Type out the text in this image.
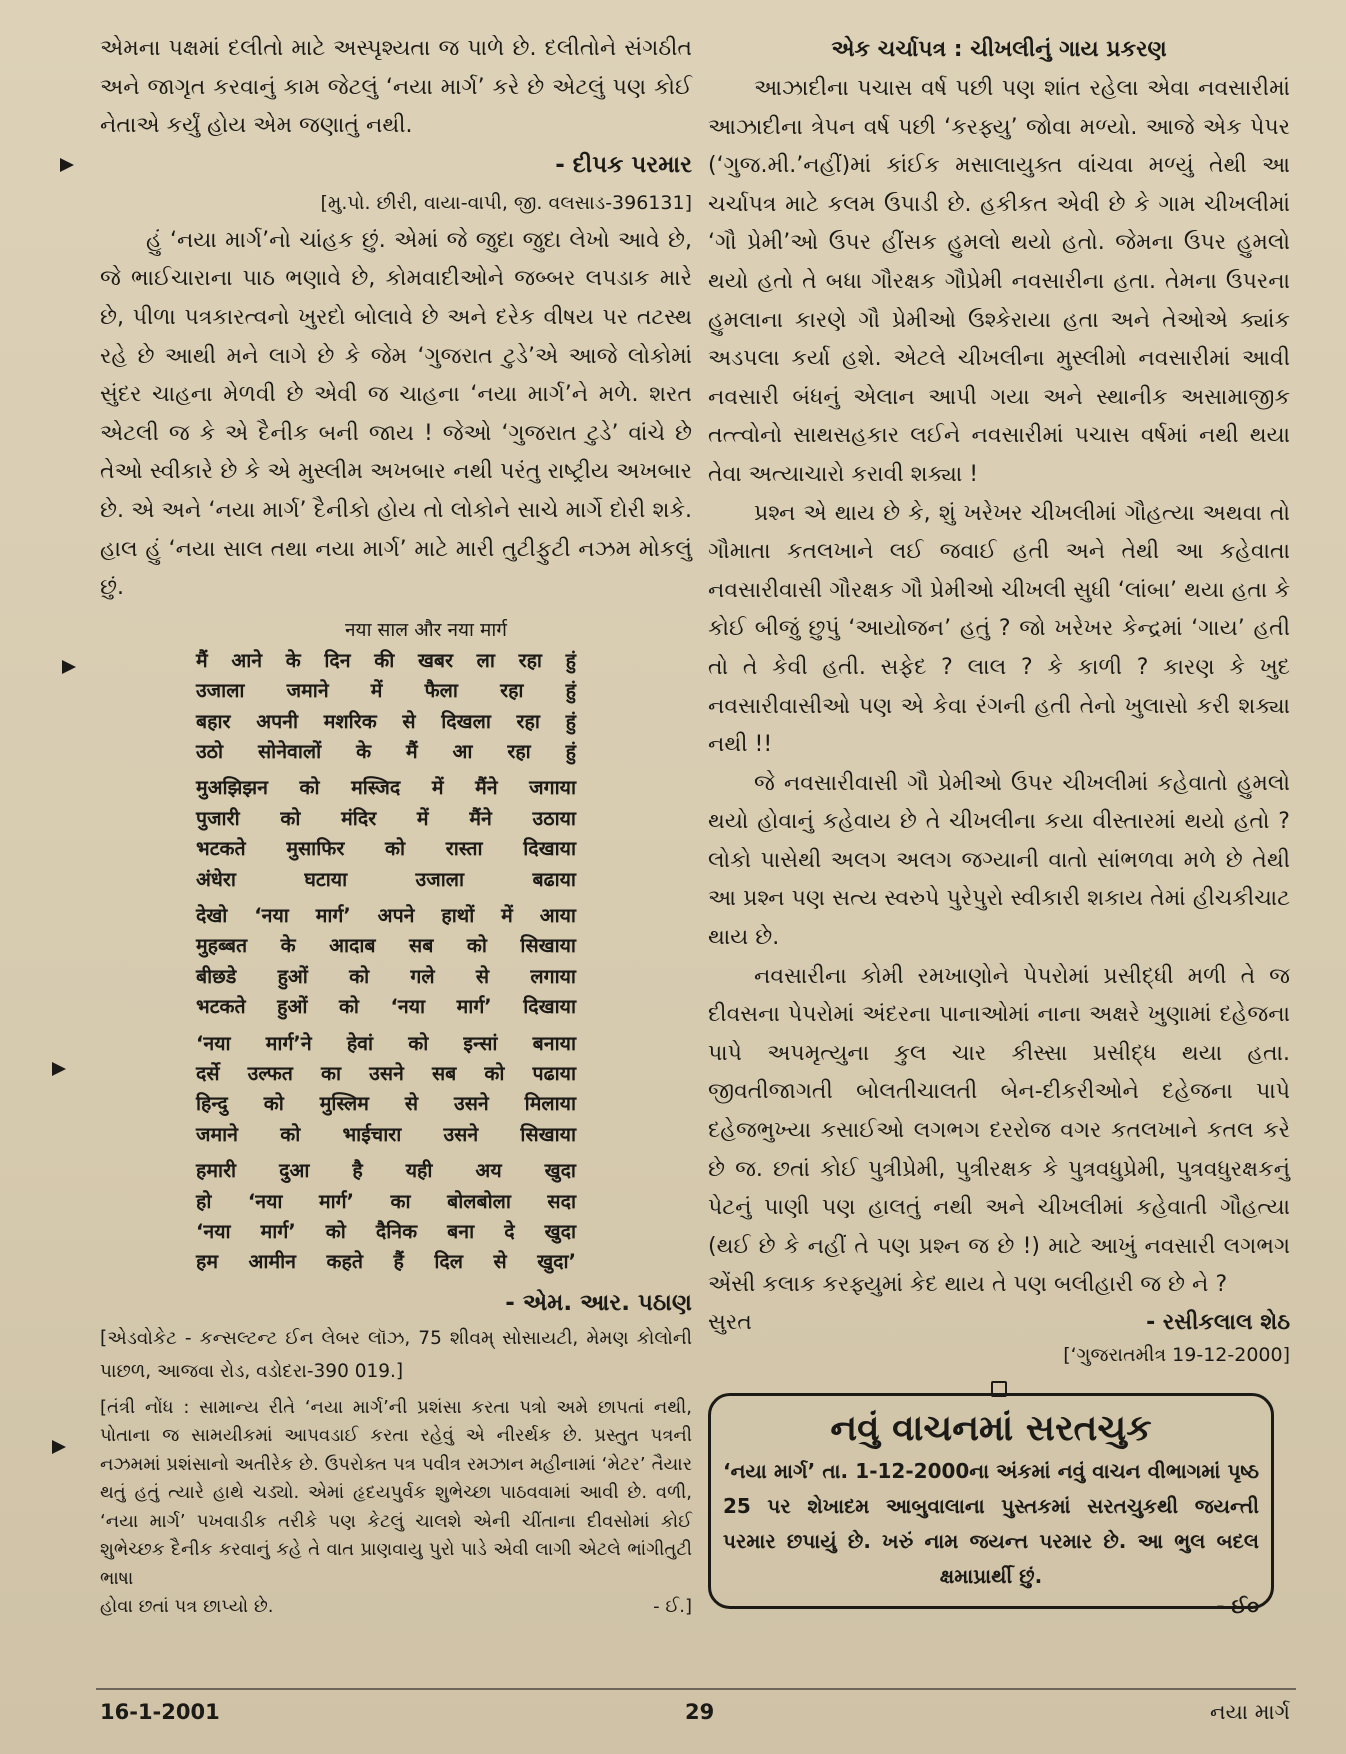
એમના પક્ષમાં દલીતો માટે અસ્પૃશ્યતા જ પાળે છે. દલીતોને સંગઠીત અને જાગૃત કરવાનું કામ જેટલું ‘નયા માર્ગ’ કરે છે એટલું પણ કોઈ નેતાએ કર્યું હોય એમ જણાતું નથી.

- દીપક પરમાર
[મુ.પો. છીરી, વાયા-વાપી, જી. વલસાડ-396131]

હું ‘નયા માર્ગ’નો ચાંહક છું. એમાં જે જુદા જુદા લેખો આવે છે, જે ભાઈચારાના પાઠ ભણાવે છે, કોમવાદીઓને જબ્બર લપડાક મારે છે, પીળા પત્રકારત્વનો ખુરદો બોલાવે છે અને દરેક વીષય પર તટસ્થ રહે છે આથી મને લાગે છે કે જેમ ‘ગુજરાત ટુડે’એ આજે લોકોમાં સુંદર ચાહના મેળવી છે એવી જ ચાહના ‘નયા માર્ગ’ને મળે. શરત એટલી જ કે એ દૈનીક બની જાય ! જેઓ ‘ગુજરાત ટુડે’ વાંચે છે તેઓ સ્વીકારે છે કે એ મુસ્લીમ અખબાર નથી પરંતુ રાષ્ટ્રીય અખબાર છે. એ અને ‘નયા માર્ગ’ દૈનીકો હોય તો લોકોને સાચે માર્ગે દોરી શકે. હાલ હું ‘નયા સાલ તથા નયા માર્ગ’ માટે મારી તુટીફુટી નઝમ મોકલું છું.

नया साल और नया मार्ग
मैं आने के दिन की खबर ला रहा हुं
उजाला जमाने में फैला रहा हुं
बहार अपनी मशरिक से दिखला रहा हुं
उठो सोनेवालों के मैं आ रहा हुं
मुअझिझन को मस्जिद में मैंने जगाया
पुजारी को मंदिर में मैंने उठाया
भटकते मुसाफिर को रास्ता दिखाया
अंधेरा घटाया उजाला बढाया
देखो ‘नया मार्ग’ अपने हाथों में आया
मुहब्बत के आदाब सब को सिखाया
बीछडे हुओं को गले से लगाया
भटकते हुओं को ‘नया मार्ग’ दिखाया
‘नया मार्ग’ने हेवां को इन्सां बनाया
दर्से उल्फत का उसने सब को पढाया
हिन्दु को मुस्लिम से उसने मिलाया
जमाने को भाईचारा उसने सिखाया
हमारी दुआ है यही अय खुदा
हो ‘नया मार्ग’ का बोलबोला सदा
‘नया मार्ग’ को दैनिक बना दे खुदा
हम आमीन कहते हैं दिल से खुदा’
- એમ. આર. પઠાણ
[એડવોકેટ - કન્સલ્ટન્ટ ઈન લેબર લૉઝ, 75 શીવમ્ સોસાયટી, મેમણ કોલોની પાછળ, આજવા રોડ, વડોદરા-390 019.]
[તંત્રી નોંધ : સામાન્ય રીતે ‘નયા માર્ગ’ની પ્રશંસા કરતા પત્રો અમે છાપતાં નથી, પોતાના જ સામયીકમાં આપવડાઈ કરતા રહેવું એ નીરર્થક છે. પ્રસ્તુત પત્રની નઝમમાં પ્રશંસાનો અતીરેક છે. ઉપરોક્ત પત્ર પવીત્ર રમઝાન મહીનામાં ‘મેટર’ તૈયાર થતું હતું ત્યારે હાથે ચડ્યો. એમાં હૃદયપુર્વક શુભેચ્છા પાઠવવામાં આવી છે. વળી, ‘નયા માર્ગ’ પખવાડીક તરીકે પણ કેટલું ચાલશે એની ચીંતાના દીવસોમાં કોઈ શુભેચ્છક દૈનીક કરવાનું કહે તે વાત પ્રાણવાયુ પુરો પાડે એવી લાગી એટલે ભાંગીતુટી ભાષા
હોવા છતાં પત્ર છાપ્યો છે.	- ઈ.]
એક ચર્ચાપત્ર : ચીખલીનું ગાય પ્રકરણ

આઝાદીના પચાસ વર્ષ પછી પણ શાંત રહેલા એવા નવસારીમાં આઝાદીના ત્રેપન વર્ષ પછી ‘કરફ્યુ’ જોવા મળ્યો. આજે એક પેપર (‘ગુજ.મી.’નહીં)માં કાંઈક મસાલાયુક્ત વાંચવા મળ્યું તેથી આ ચર્ચાપત્ર માટે કલમ ઉપાડી છે. હકીકત એવી છે કે ગામ ચીખલીમાં ‘ગૌ પ્રેમી’ઓ ઉપર હીંસક હુમલો થયો હતો. જેમના ઉપર હુમલો થયો હતો તે બધા ગૌરક્ષક ગૌપ્રેમી નવસારીના હતા. તેમના ઉપરના હુમલાના કારણે ગૌ પ્રેમીઓ ઉશ્કેરાયા હતા અને તેઓએ ક્યાંક અડપલા કર્યા હશે. એટલે ચીખલીના મુસ્લીમો નવસારીમાં આવી નવસારી બંધનું એલાન આપી ગયા અને સ્થાનીક અસામાજીક તત્ત્વોનો સાથસહકાર લઈને નવસારીમાં પચાસ વર્ષમાં નથી થયા તેવા અત્યાચારો કરાવી શક્યા !

પ્રશ્ન એ થાય છે કે, શું ખરેખર ચીખલીમાં ગૌહત્યા અથવા તો ગૌમાતા કતલખાને લઈ જવાઈ હતી અને તેથી આ કહેવાતા નવસારીવાસી ગૌરક્ષક ગૌ પ્રેમીઓ ચીખલી સુધી ‘લાંબા’ થયા હતા કે કોઈ બીજું છુપું ‘આયોજન’ હતું ? જો ખરેખર કેન્દ્રમાં ‘ગાય’ હતી તો તે કેવી હતી. સફેદ ? લાલ ? કે કાળી ? કારણ કે ખુદ નવસારીવાસીઓ પણ એ કેવા રંગની હતી તેનો ખુલાસો કરી શક્યા નથી !!

જે નવસારીવાસી ગૌ પ્રેમીઓ ઉપર ચીખલીમાં કહેવાતો હુમલો થયો હોવાનું કહેવાય છે તે ચીખલીના કયા વીસ્તારમાં થયો હતો ? લોકો પાસેથી અલગ અલગ જગ્યાની વાતો સાંભળવા મળે છે તેથી આ પ્રશ્ન પણ સત્ય સ્વરુપે પુરેપુરો સ્વીકારી શકાય તેમાં હીચકીચાટ થાય છે.

નવસારીના કોમી રમખાણોને પેપરોમાં પ્રસીદ્ધી મળી તે જ દીવસના પેપરોમાં અંદરના પાનાઓમાં નાના અક્ષરે ખુણામાં દહેજના પાપે અપમૃત્યુના કુલ ચાર કીસ્સા પ્રસીદ્ધ થયા હતા. જીવતીજાગતી બોલતીચાલતી બેન-દીકરીઓને દહેજના પાપે દહેજભુખ્યા કસાઈઓ લગભગ દરરોજ વગર કતલખાને કતલ કરે છે જ. છતાં કોઈ પુત્રીપ્રેમી, પુત્રીરક્ષક કે પુત્રવધુપ્રેમી, પુત્રવધુરક્ષકનું પેટનું પાણી પણ હાલતું નથી અને ચીખલીમાં કહેવાતી ગૌહત્યા (થઈ છે કે નહીં તે પણ પ્રશ્ન જ છે !) માટે આખું નવસારી લગભગ એંસી કલાક કરફ્યુમાં કેદ થાય તે પણ બલીહારી જ છે ને ?

સુરત	- રસીકલાલ શેઠ
[‘ગુજરાતમીત્ર 19-12-2000]
નવું વાચનમાં સરતચુક
‘નયા માર્ગ’ તા. 1-12-2000ના અંકમાં નવું વાચન વીભાગમાં પૃષ્ઠ 25 પર શેખાદમ આબુવાલાના પુસ્તકમાં સરતચુકથી જયન્તી પરમાર છપાયું છે. ખરું નામ જયન્ત પરમાર છે. આ ભુલ બદલ ક્ષમાપ્રાર્થી છું.
- ઈ૦
16-1-2001	29	નયા માર્ગ
